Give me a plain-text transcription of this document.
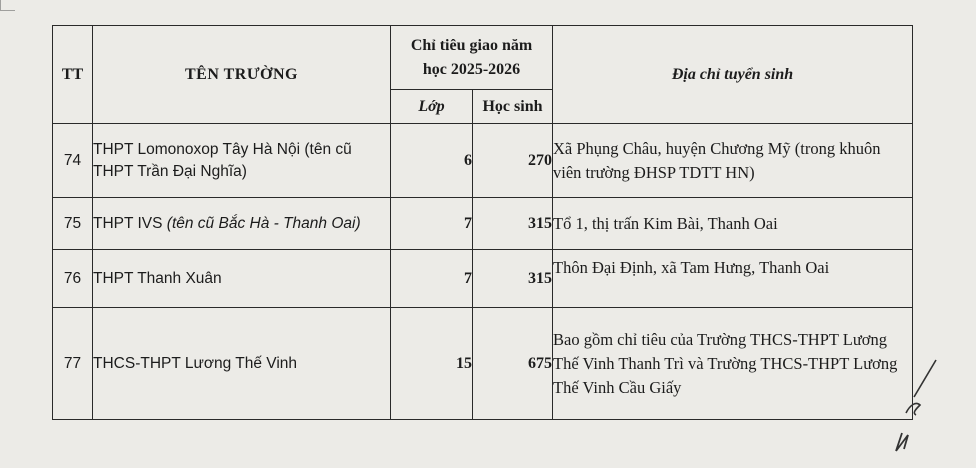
TT	TÊN TRƯỜNG	Chỉ tiêu giao năm
học 2025-2026		Địa chỉ tuyển sinh
		Lớp	Học sinh	
74	THPT Lomonoxop Tây Hà Nội (tên cũ THPT Trần Đại Nghĩa)	6	270	Xã Phụng Châu, huyện Chương Mỹ (trong khuôn viên trường ĐHSP TDTT HN)
75	THPT IVS (tên cũ Bắc Hà - Thanh Oai)	7	315	Tổ 1, thị trấn Kim Bài, Thanh Oai
76	THPT Thanh Xuân	7	315	Thôn Đại Định, xã Tam Hưng, Thanh Oai
77	THCS-THPT Lương Thế Vinh	15	675	Bao gồm chỉ tiêu của Trường THCS-THPT Lương Thế Vinh Thanh Trì và Trường THCS-THPT Lương Thế Vinh Cầu Giấy
